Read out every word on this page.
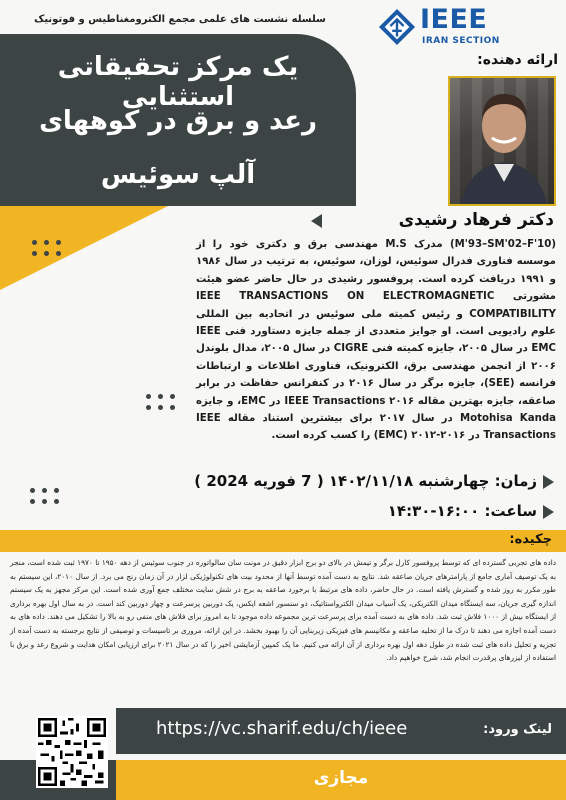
سلسله نشست های علمی مجمع الکترومغناطیس و فوتونیک	IEEE
IRAN SECTION
یک مرکز تحقیقاتی استثنایی
رعد و برق در کوههای
آلپ سوئیس
ارائه دهنده:
دکتر فرهاد رشیدی
(M'93–SM'02–F'10) مدرک M.S مهندسی برق و دکتری خود را از موسسه فناوری فدرال سوئیس، لوزان، سوئیس، به ترتیب در سال ۱۹۸۶ و ۱۹۹۱ دریافت کرده است. پروفسور رشیدی در حال حاضر عضو هیئت مشورتی IEEE TRANSACTIONS ON ELECTROMAGNETIC COMPATIBILITY و رئیس کمیته ملی سوئیس در اتحادیه بین المللی علوم رادیویی است. او جوایز متعددی از جمله جایزه دستاورد فنی IEEE EMC در سال ۲۰۰۵، جایزه کمیته فنی CIGRE در سال ۲۰۰۵، مدال بلوندل ۲۰۰۶ از انجمن مهندسی برق، الکترونیک، فناوری اطلاعات و ارتباطات فرانسه (SEE)، جایزه برگر در سال ۲۰۱۶ در کنفرانس حفاظت در برابر صاعقه، جایزه بهترین مقاله ۲۰۱۶ IEEE Transactions در EMC، و جایزه Motohisa Kanda در سال ۲۰۱۷ برای بیشترین استناد مقاله IEEE Transactions در ۲۰۱۶-۲۰۱۲ (EMC) را کسب کرده است.
زمان: چهارشنبه ۱۴۰۲/۱۱/۱۸ ( 7 فوریه 2024 )
ساعت: ۱۶:۰۰-۱۴:۳۰
چکیده:
داده های تجربی گسترده ای که توسط پروفسور کارل برگر و تیمش در بالای دو برج ابزار دقیق در مونت سان سالواتوره در جنوب سوئیس از دهه ۱۹۵۰ تا ۱۹۷۰ ثبت شده است، منجر به یک توصیف آماری جامع از پارامترهای جریان صاعقه شد. نتایج به دست آمده توسط آنها از محدود بیت های تکنولوژیکی لزار در آن زمان رنج می برد. از سال ۲۰۱۰، این سیستم به طور مکرر به روز شده و گسترش یافته است. در حال حاضر، داده های مرتبط با برخورد صاعقه به برج در شش سایت مختلف جمع آوری شده است. این مرکز مجهز به یک سیستم اندازه گیری جریان، سه ایستگاه میدان الکتریکی، یک آسیاب میدان الکترواستاتیک، دو سنسور اشعه ایکس، یک دوربین پرسرعت و چهار دوربین کند است. در به سال اول بهره برداری از ایستگاه بیش از ۱۰۰۰ فلاش ثبت شد. داده های به دست آمده برای پرسرعت ترین مجموعه داده موجود تا به امروز برای فلاش های منفی رو به بالا را تشکیل می دهند. داده های به دست آمده اجازه می دهند تا درک ما از تخلیه صاعقه و مکانیسم های فیزیکی زیربنایی آن را بهبود بخشد. در این ارائه، مروری بر تاسیسات و توصیفی از نتایج برجسته به دست آمده از تجزیه و تحلیل داده های ثبت شده در طول دهه اول بهره برداری از آن ارائه می کنیم. ما یک کمپین آزمایشی اخیر را که در سال ۲۰۲۱ برای ارزیابی امکان هدایت و شروع رعد و برق با استفاده از لیزرهای پرقدرت انجام شد، شرح خواهیم داد.
لینک ورود:
https://vc.sharif.edu/ch/ieee
مجازی
